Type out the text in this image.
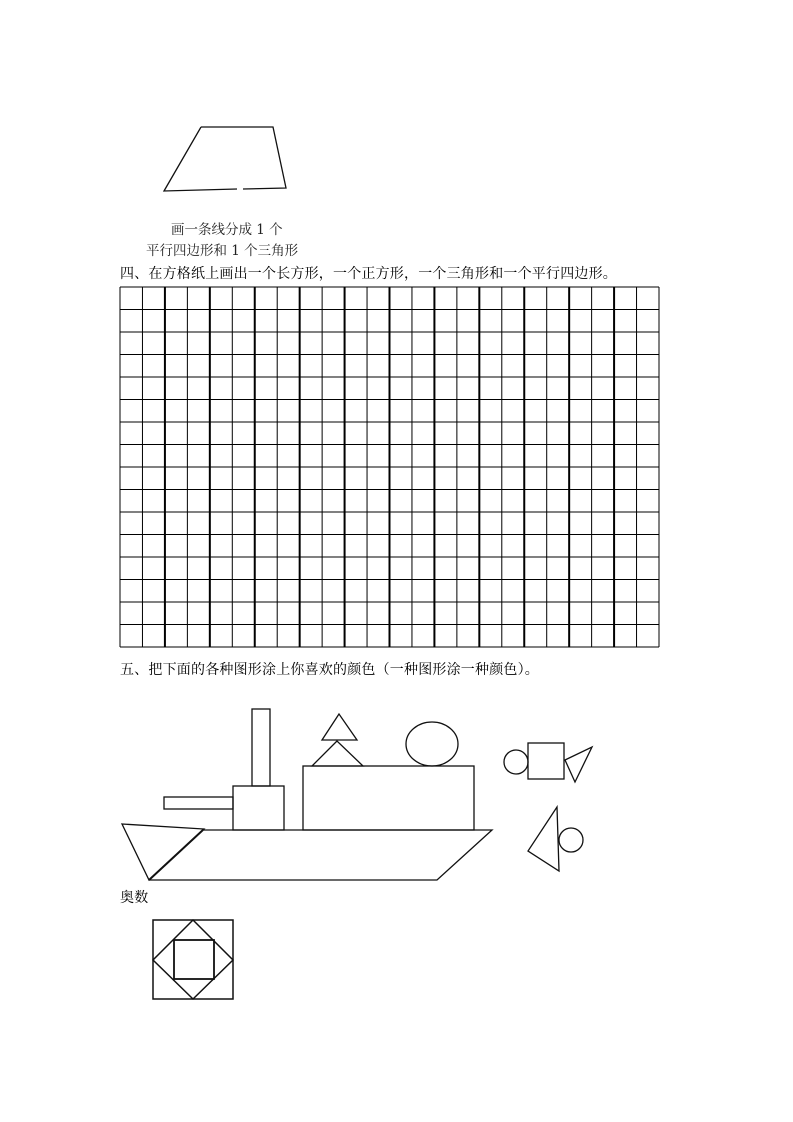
画一条线分成 1 个
平行四边形和 1 个三角形
四、在方格纸上画出一个长方形，一个正方形，一个三角形和一个平行四边形。
五、把下面的各种图形涂上你喜欢的颜色（一种图形涂一种颜色）。
奥数
